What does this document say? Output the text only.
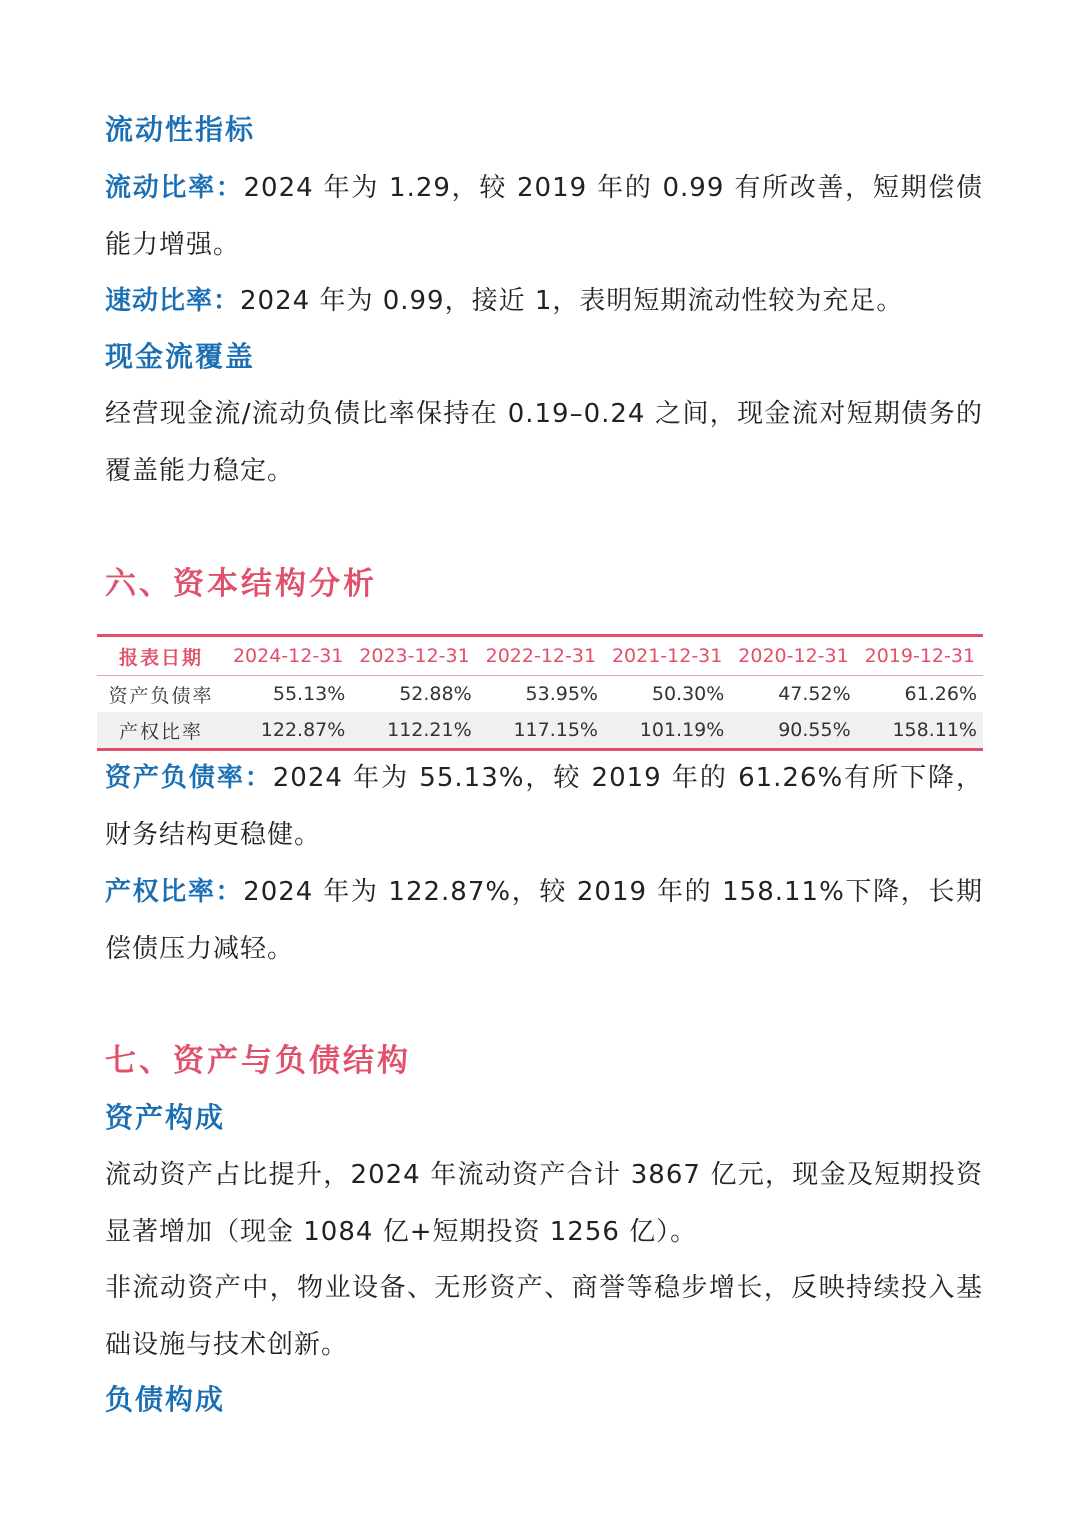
流动性指标

流动比率：2024 年为 1.29，较 2019 年的 0.99 有所改善，短期偿债能力增强。

速动比率：2024 年为 0.99，接近 1，表明短期流动性较为充足。

现金流覆盖

经营现金流/流动负债比率保持在 0.19–0.24 之间，现金流对短期债务的覆盖能力稳定。

六、资本结构分析
报表日期	2024-12-31	2023-12-31	2022-12-31	2021-12-31	2020-12-31	2019-12-31
资产负债率	55.13%	52.88%	53.95%	50.30%	47.52%	61.26%
产权比率	122.87%	112.21%	117.15%	101.19%	90.55%	158.11%

资产负债率：2024 年为 55.13%，较 2019 年的 61.26%有所下降，财务结构更稳健。

产权比率：2024 年为 122.87%，较 2019 年的 158.11%下降，长期偿债压力减轻。

七、资产与负债结构
资产构成

流动资产占比提升，2024 年流动资产合计 3867 亿元，现金及短期投资显著增加（现金 1084 亿+短期投资 1256 亿）。

非流动资产中，物业设备、无形资产、商誉等稳步增长，反映持续投入基础设施与技术创新。

负债构成
